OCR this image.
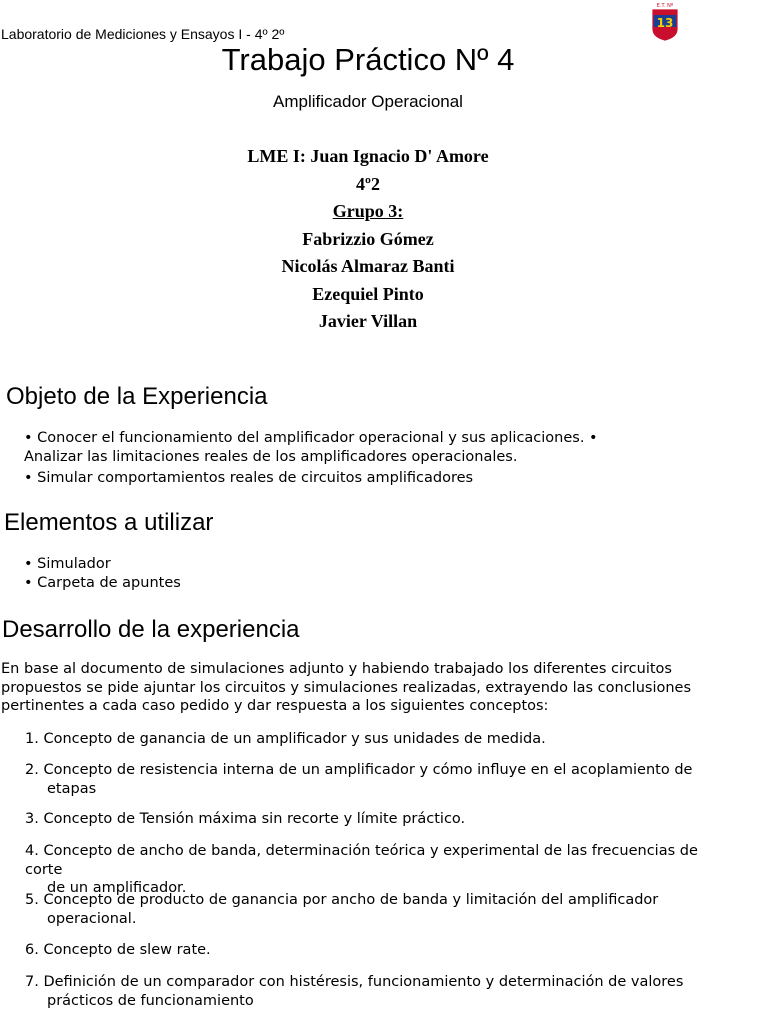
Laboratorio de Mediciones y Ensayos I - 4º 2º
E.T. Nº
13
Trabajo Práctico Nº 4
Amplificador Operacional
LME I: Juan Ignacio D' Amore
4º2
Grupo 3:
Fabrizzio Gómez
Nicolás Almaraz Banti
Ezequiel Pinto
Javier Villan
Objeto de la Experiencia
• Conocer el funcionamiento del amplificador operacional y sus aplicaciones. •
Analizar las limitaciones reales de los amplificadores operacionales.
• Simular comportamientos reales de circuitos amplificadores
Elementos a utilizar
• Simulador
• Carpeta de apuntes
Desarrollo de la experiencia
En base al documento de simulaciones adjunto y habiendo trabajado los diferentes circuitos
propuestos se pide ajuntar los circuitos y simulaciones realizadas, extrayendo las conclusiones
pertinentes a cada caso pedido y dar respuesta a los siguientes conceptos:
1. Concepto de ganancia de un amplificador y sus unidades de medida.
2. Concepto de resistencia interna de un amplificador y cómo influye en el acoplamiento de
etapas
3. Concepto de Tensión máxima sin recorte y límite práctico.
4. Concepto de ancho de banda, determinación teórica y experimental de las frecuencias de corte
de un amplificador.
5. Concepto de producto de ganancia por ancho de banda y limitación del amplificador
operacional.
6. Concepto de slew rate.
7. Definición de un comparador con histéresis, funcionamiento y determinación de valores
prácticos de funcionamiento
